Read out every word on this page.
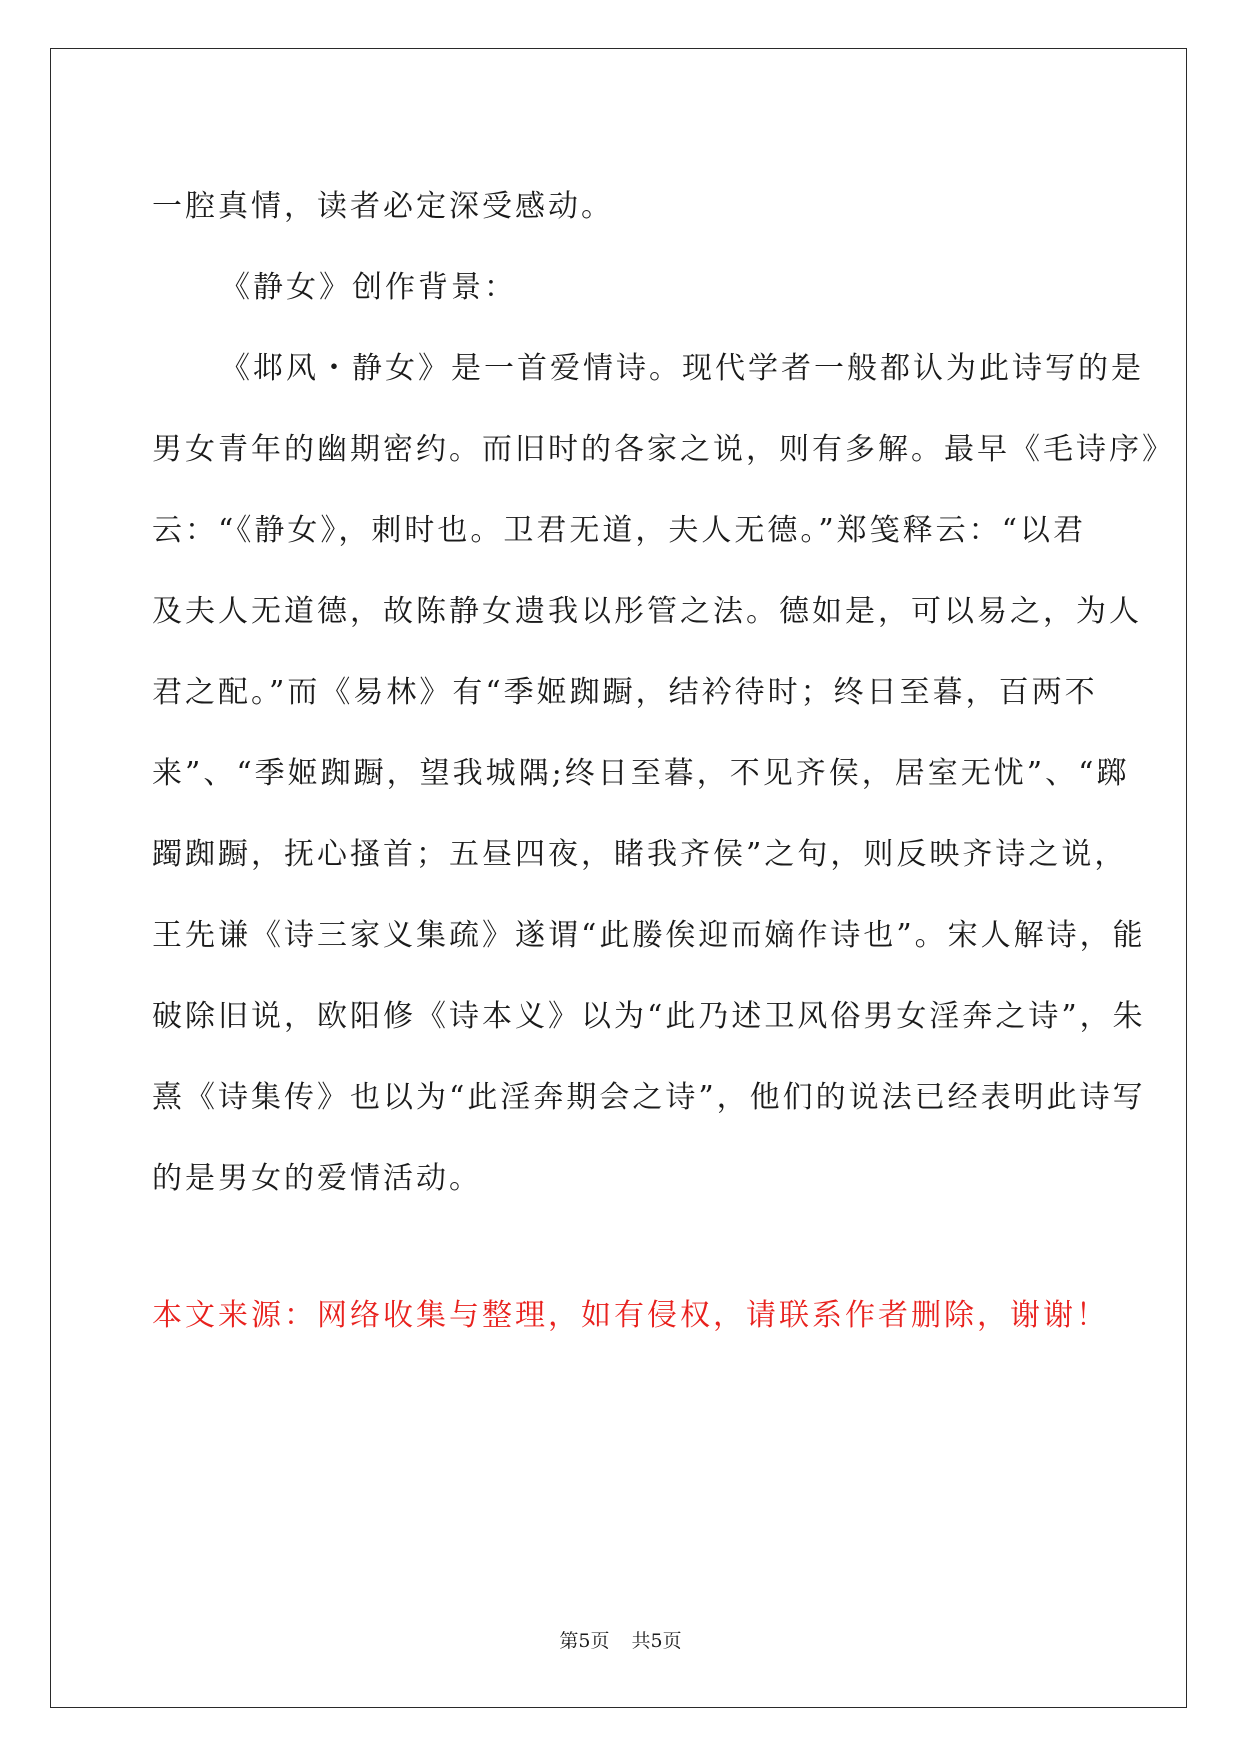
一腔真情，读者必定深受感动。
《静女》创作背景：
《邶风・静女》是一首爱情诗。现代学者一般都认为此诗写的是
男女青年的幽期密约。而旧时的各家之说，则有多解。最早《毛诗序》
云：“《静女》，刺时也。卫君无道，夫人无德。”郑笺释云：“以君
及夫人无道德，故陈静女遗我以彤管之法。德如是，可以易之，为人
君之配。”而《易林》有“季姬踟蹰，结衿待时；终日至暮，百两不
来”、“季姬踟蹰，望我城隅;终日至暮，不见齐侯，居室无忧”、“踯
躅踟蹰，抚心搔首；五昼四夜，睹我齐侯”之句，则反映齐诗之说，
王先谦《诗三家义集疏》遂谓“此媵俟迎而嫡作诗也”。宋人解诗，能
破除旧说，欧阳修《诗本义》以为“此乃述卫风俗男女淫奔之诗”，朱
熹《诗集传》也以为“此淫奔期会之诗”，他们的说法已经表明此诗写
的是男女的爱情活动。
本文来源：网络收集与整理，如有侵权，请联系作者删除，谢谢！
第5页 共5页
